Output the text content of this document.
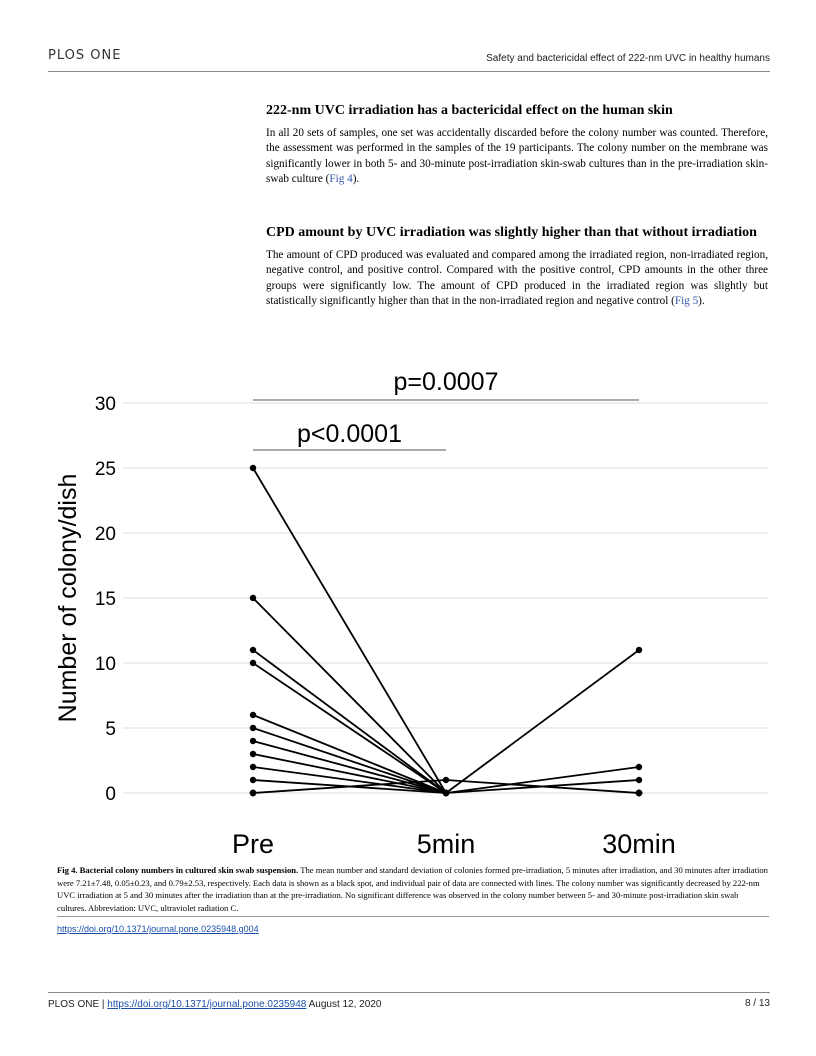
PLOS ONE	Safety and bactericidal effect of 222-nm UVC in healthy humans
222-nm UVC irradiation has a bactericidal effect on the human skin

In all 20 sets of samples, one set was accidentally discarded before the colony number was counted. Therefore, the assessment was performed in the samples of the 19 participants. The colony number on the membrane was significantly lower in both 5- and 30-minute post-irradiation skin-swab cultures than in the pre-irradiation skin-swab culture (Fig 4).

CPD amount by UVC irradiation was slightly higher than that without irradiation

The amount of CPD produced was evaluated and compared among the irradiated region, non-irradiated region, negative control, and positive control. Compared with the positive control, CPD amounts in the other three groups were significantly low. The amount of CPD produced in the irradiated region was slightly but statistically significantly higher than that in the non-irradiated region and negative control (Fig 5).

0
5
10
15
20
25
30
Number of colony/dish
Pre	5min	30min
p<0.0001
p=0.0007
Fig 4. Bacterial colony numbers in cultured skin swab suspension. The mean number and standard deviation of colonies formed pre-irradiation, 5 minutes after irradiation, and 30 minutes after irradiation were 7.21±7.48, 0.05±0.23, and 0.79±2.53, respectively. Each data is shown as a black spot, and individual pair of data are connected with lines. The colony number was significantly decreased by 222-nm UVC irradiation at 5 and 30 minutes after the irradiation than at the pre-irradiation. No significant difference was observed in the colony number between 5- and 30-minute post-irradiation skin swab cultures. Abbreviation: UVC, ultraviolet radiation C.
https://doi.org/10.1371/journal.pone.0235948.g004
PLOS ONE | https://doi.org/10.1371/journal.pone.0235948 August 12, 2020	8 / 13
